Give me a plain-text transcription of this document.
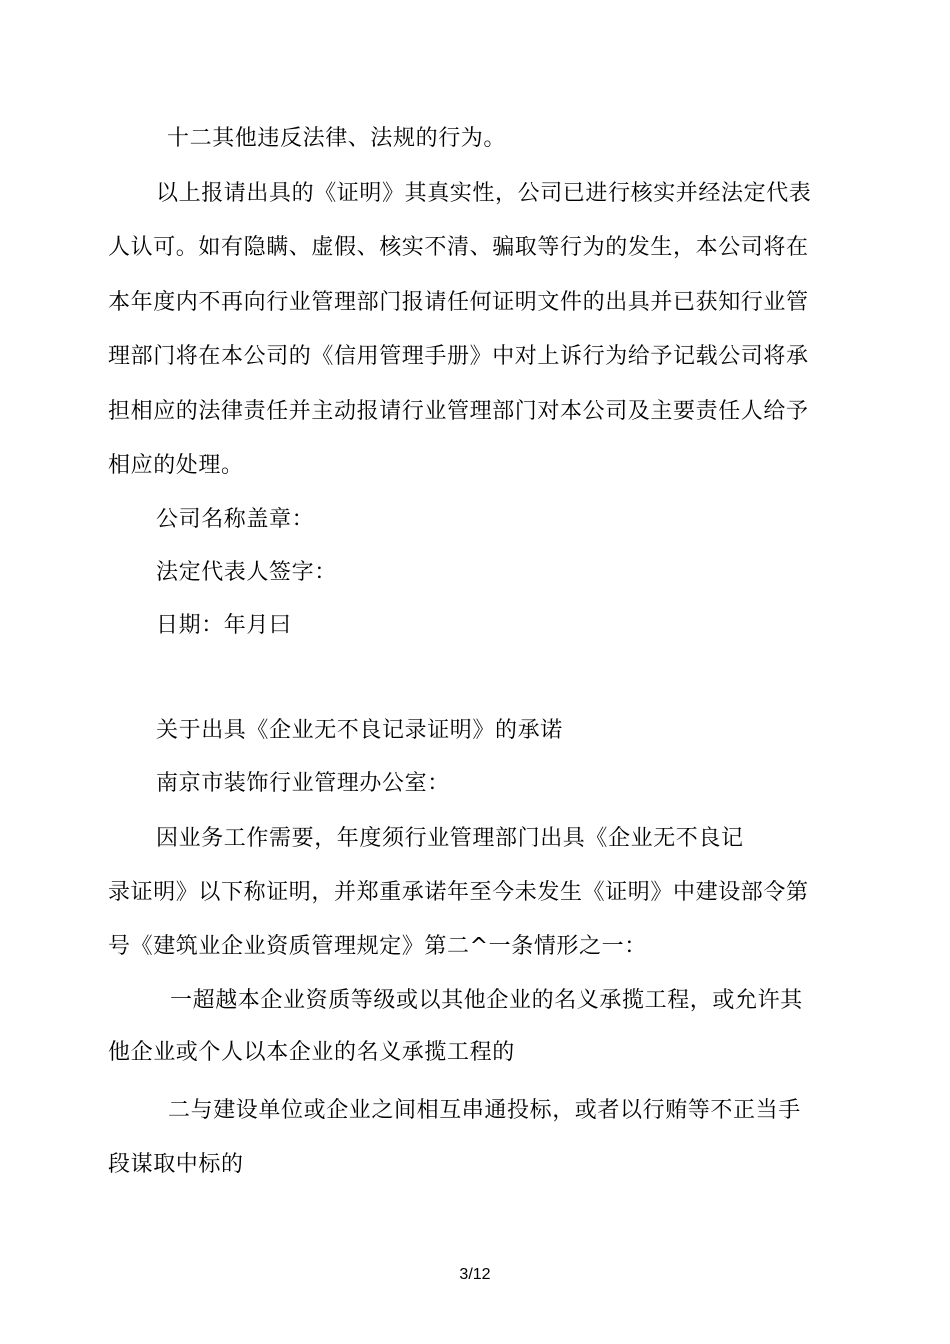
十二其他违反法律、法规的行为。
以上报请出具的《证明》其真实性，公司已进行核实并经法定代表
人认可。如有隐瞒、虚假、核实不清、骗取等行为的发生，本公司将在
本年度内不再向行业管理部门报请任何证明文件的出具并已获知行业管
理部门将在本公司的《信用管理手册》中对上诉行为给予记载公司将承
担相应的法律责任并主动报请行业管理部门对本公司及主要责任人给予
相应的处理。
公司名称盖章：
法定代表人签字：
日期：年月曰
关于出具《企业无不良记录证明》的承诺
南京市装饰行业管理办公室：
因业务工作需要，年度须行业管理部门出具《企业无不良记
录证明》以下称证明，并郑重承诺年至今未发生《证明》中建设部令第
号《建筑业企业资质管理规定》第二^一条情形之一：
一超越本企业资质等级或以其他企业的名义承揽工程，或允许其
他企业或个人以本企业的名义承揽工程的
二与建设单位或企业之间相互串通投标，或者以行贿等不正当手
段谋取中标的
3/12
